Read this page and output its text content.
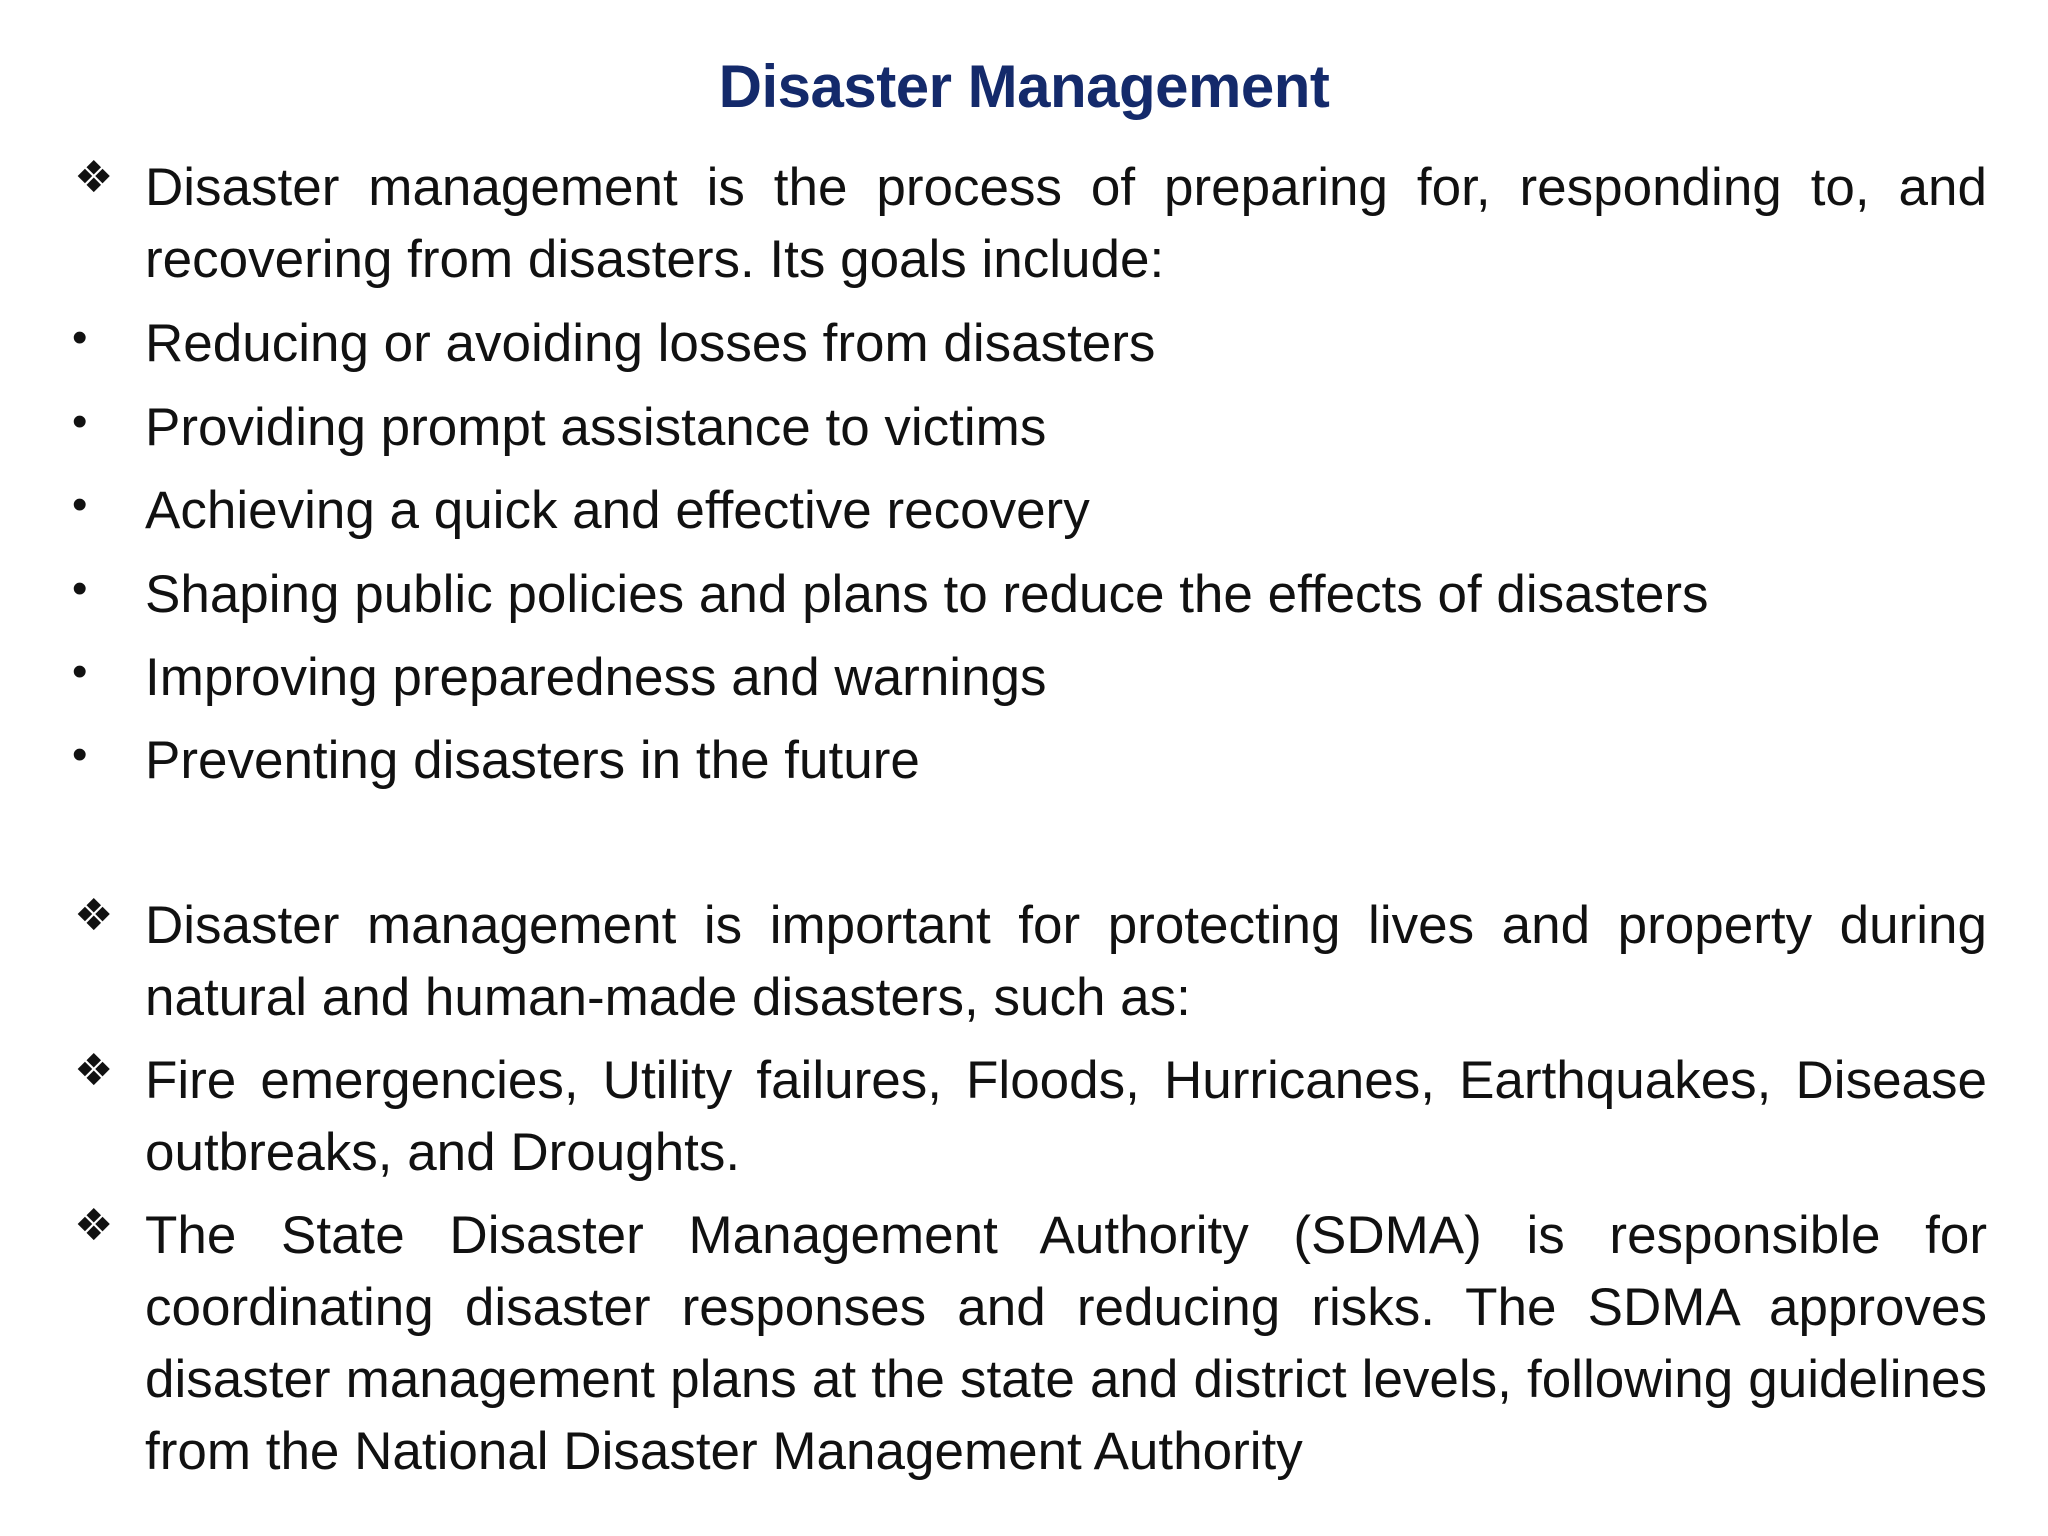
Disaster Management
❖ Disaster management is the process of preparing for, responding to, and recovering from disasters. Its goals include:
•	Reducing or avoiding losses from disasters
•	Providing prompt assistance to victims
•	Achieving a quick and effective recovery
•	Shaping public policies and plans to reduce the effects of disasters
•	Improving preparedness and warnings
•	Preventing disasters in the future
❖ Disaster management is important for protecting lives and property during natural and human-made disasters, such as:
❖ Fire emergencies, Utility failures, Floods, Hurricanes, Earthquakes, Disease outbreaks, and Droughts.
❖ The State Disaster Management Authority (SDMA) is responsible for coordinating disaster responses and reducing risks. The SDMA approves disaster management plans at the state and district levels, following guidelines from the National Disaster Management Authority
